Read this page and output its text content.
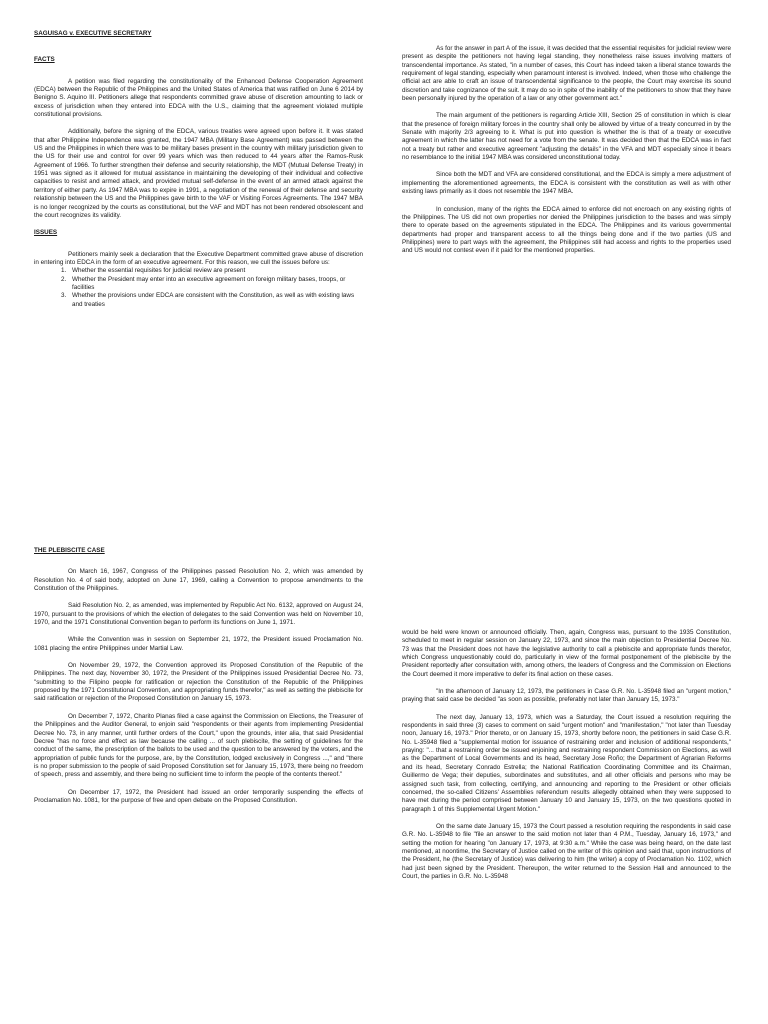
SAGUISAG v. EXECUTIVE SECRETARY
FACTS

A petition was filed regarding the constitutionality of the Enhanced Defense Cooperation Agreement (EDCA) between the Republic of the Philippines and the United States of America that was ratified on June 6 2014 by Benigno S. Aquino III. Petitioners allege that respondents committed grave abuse of discretion amounting to lack or excess of jurisdiction when they entered into EDCA with the U.S., claiming that the agreement violated multiple constitutional provisions.

Additionally, before the signing of the EDCA, various treaties were agreed upon before it. It was stated that after Philippine Independence was granted, the 1947 MBA (Military Base Agreement) was passed between the US and the Philippines in which there was to be military bases present in the country with military jurisdiction given to the US for their use and control for over 99 years which was then reduced to 44 years after the Ramos-Rusk Agreement of 1966. To further strengthen their defense and security relationship, the MDT (Mutual Defense Treaty) in 1951 was signed as it allowed for mutual assistance in maintaining the developing of their individual and collective capacities to resist and armed attack, and provided mutual self-defense in the event of an armed attack against the territory of either party. As 1947 MBA was to expire in 1991, a negotiation of the renewal of their defense and security relationship between the US and the Philippines gave birth to the VAF or Visiting Forces Agreements. The 1947 MBA is no longer recognized by the courts as constitutional, but the VAF and MDT has not been rendered obsolescent and the court recognizes its validity.

ISSUES

Petitioners mainly seek a declaration that the Executive Department committed grave abuse of discretion in entering into EDCA in the form of an executive agreement. For this reason, we cull the issues before us:

1. Whether the essential requisites for judicial review are present
2. Whether the President may enter into an executive agreement on foreign military bases, troops, or facilities
3. Whether the provisions under EDCA are consistent with the Constitution, as well as with existing laws and treaties

As for the answer in part A of the issue, it was decided that the essential requisites for judicial review were present as despite the petitioners not having legal standing, they nonetheless raise issues involving matters of transcendental importance. As stated, "in a number of cases, this Court has indeed taken a liberal stance towards the requirement of legal standing, especially when paramount interest is involved. Indeed, when those who challenge the official act are able to craft an issue of transcendental significance to the people, the Court may exercise its sound discretion and take cognizance of the suit. It may do so in spite of the inability of the petitioners to show that they have been personally injured by the operation of a law or any other government act."

The main argument of the petitioners is regarding Article XIII, Section 25 of constitution in which is clear that the presence of foreign military forces in the country shall only be allowed by virtue of a treaty concurred in by the Senate with majority 2/3 agreeing to it. What is put into question is whether the is that of a treaty or executive agreement in which the latter has not need for a vote from the senate. It was decided then that the EDCA was in fact not a treaty but rather and executive agreement "adjusting the details" in the VFA and MDT especially since it bears no resemblance to the initial 1947 MBA was considered unconstitutional today.

Since both the MDT and VFA are considered constitutional, and the EDCA is simply a mere adjustment of implementing the aforementioned agreements, the EDCA is consistent with the constitution as well as with other existing laws primarily as it does not resemble the 1947 MBA.

In conclusion, many of the rights the EDCA aimed to enforce did not encroach on any existing rights of the Philippines. The US did not own properties nor denied the Philippines jurisdiction to the bases and was simply there to operate based on the agreements stipulated in the EDCA. The Philippines and its various governmental departments had proper and transparent access to all the things being done and if the two parties (US and Philippines) were to part ways with the agreement, the Philippines still had access and rights to the properties used and US would not contest even if it paid for the mentioned properties.

THE PLEBISCITE CASE

On March 16, 1967, Congress of the Philippines passed Resolution No. 2, which was amended by Resolution No. 4 of said body, adopted on June 17, 1969, calling a Convention to propose amendments to the Constitution of the Philippines.

Said Resolution No. 2, as amended, was implemented by Republic Act No. 6132, approved on August 24, 1970, pursuant to the provisions of which the election of delegates to the said Convention was held on November 10, 1970, and the 1971 Constitutional Convention began to perform its functions on June 1, 1971.

While the Convention was in session on September 21, 1972, the President issued Proclamation No. 1081 placing the entire Philippines under Martial Law.

On November 29, 1972, the Convention approved its Proposed Constitution of the Republic of the Philippines. The next day, November 30, 1972, the President of the Philippines issued Presidential Decree No. 73, "submitting to the Filipino people for ratification or rejection the Constitution of the Republic of the Philippines proposed by the 1971 Constitutional Convention, and appropriating funds therefor," as well as setting the plebiscite for said ratification or rejection of the Proposed Constitution on January 15, 1973.

On December 7, 1972, Charito Planas filed a case against the Commission on Elections, the Treasurer of the Philippines and the Auditor General, to enjoin said "respondents or their agents from implementing Presidential Decree No. 73, in any manner, until further orders of the Court," upon the grounds, inter alia, that said Presidential Decree "has no force and effect as law because the calling ... of such plebiscite, the setting of guidelines for the conduct of the same, the prescription of the ballots to be used and the question to be answered by the voters, and the appropriation of public funds for the purpose, are, by the Constitution, lodged exclusively in Congress ...," and "there is no proper submission to the people of said Proposed Constitution set for January 15, 1973, there being no freedom of speech, press and assembly, and there being no sufficient time to inform the people of the contents thereof."

On December 17, 1972, the President had issued an order temporarily suspending the effects of Proclamation No. 1081, for the purpose of free and open debate on the Proposed Constitution.

would be held were known or announced officially. Then, again, Congress was, pursuant to the 1935 Constitution, scheduled to meet in regular session on January 22, 1973, and since the main objection to Presidential Decree No. 73 was that the President does not have the legislative authority to call a plebiscite and appropriate funds therefor, which Congress unquestionably could do, particularly in view of the formal postponement of the plebiscite by the President reportedly after consultation with, among others, the leaders of Congress and the Commission on Elections the Court deemed it more imperative to defer its final action on these cases.

"In the afternoon of January 12, 1973, the petitioners in Case G.R. No. L-35948 filed an "urgent motion," praying that said case be decided "as soon as possible, preferably not later than January 15, 1973."

The next day, January 13, 1973, which was a Saturday, the Court issued a resolution requiring the respondents in said three (3) cases to comment on said "urgent motion" and "manifestation," "not later than Tuesday noon, January 16, 1973." Prior thereto, or on January 15, 1973, shortly before noon, the petitioners in said Case G.R. No. L-35948 filed a "supplemental motion for issuance of restraining order and inclusion of additional respondents," praying: "... that a restraining order be issued enjoining and restraining respondent Commission on Elections, as well as the Department of Local Governments and its head, Secretary Jose Roño; the Department of Agrarian Reforms and its head, Secretary Conrado Estrella; the National Ratification Coordinating Committee and its Chairman, Guillermo de Vega; their deputies, subordinates and substitutes, and all other officials and persons who may be assigned such task, from collecting, certifying, and announcing and reporting to the President or other officials concerned, the so-called Citizens' Assemblies referendum results allegedly obtained when they were supposed to have met during the period comprised between January 10 and January 15, 1973, on the two questions quoted in paragraph 1 of this Supplemental Urgent Motion."

On the same date January 15, 1973 the Court passed a resolution requiring the respondents in said case G.R. No. L-35948 to file "file an answer to the said motion not later than 4 P.M., Tuesday, January 16, 1973," and setting the motion for hearing "on January 17, 1973, at 9:30 a.m." While the case was being heard, on the date last mentioned, at noontime, the Secretary of Justice called on the writer of this opinion and said that, upon instructions of the President, he (the Secretary of Justice) was delivering to him (the writer) a copy of Proclamation No. 1102, which had just been signed by the President. Thereupon, the writer returned to the Session Hall and announced to the Court, the parties in G.R. No. L-35948
